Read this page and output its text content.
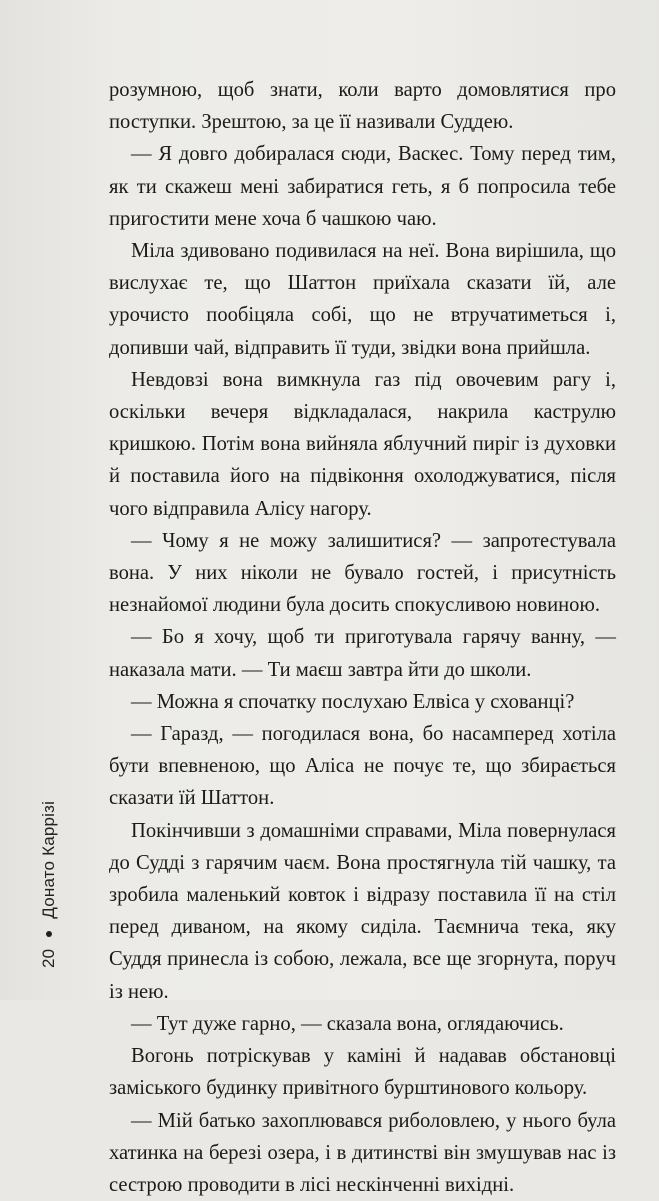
розумною, щоб знати, коли варто домовлятися про поступки. Зрештою, за це її називали Суддею.

— Я довго добиралася сюди, Васкес. Тому перед тим, як ти скажеш мені забиратися геть, я б попросила тебе пригостити мене хоча б чашкою чаю.

Міла здивовано подивилася на неї. Вона вирішила, що вислухає те, що Шаттон приїхала сказати їй, але урочисто пообіцяла собі, що не втручатиметься і, допивши чай, відправить її туди, звідки вона прийшла.

Невдовзі вона вимкнула газ під овочевим рагу і, оскільки вечеря відкладалася, накрила каструлю кришкою. Потім вона вийняла яблучний пиріг із духовки й поставила його на підвіконня охолоджуватися, після чого відправила Алісу нагору.

— Чому я не можу залишитися? — запротестувала вона. У них ніколи не бувало гостей, і присутність незнайомої людини була досить спокусливою новиною.

— Бо я хочу, щоб ти приготувала гарячу ванну, — наказала мати. — Ти маєш завтра йти до школи.

— Можна я спочатку послухаю Елвіса у схованці?

— Гаразд, — погодилася вона, бо насамперед хотіла бути впевненою, що Аліса не почує те, що збирається сказати їй Шаттон.

Покінчивши з домашніми справами, Міла повернулася до Судді з гарячим чаєм. Вона простягнула тій чашку, та зробила маленький ковток і відразу поставила її на стіл перед диваном, на якому сиділа. Таємнича тека, яку Суддя принесла із собою, лежала, все ще згорнута, поруч із нею.

— Тут дуже гарно, — сказала вона, оглядаючись.

Вогонь потріскував у каміні й надавав обстановці заміського будинку привітного бурштинового кольору.

— Мій батько захоплювався риболовлею, у нього була хатинка на березі озера, і в дитинстві він змушував нас із сестрою проводити в лісі нескінченні вихідні.

20
Донато Каррізі
